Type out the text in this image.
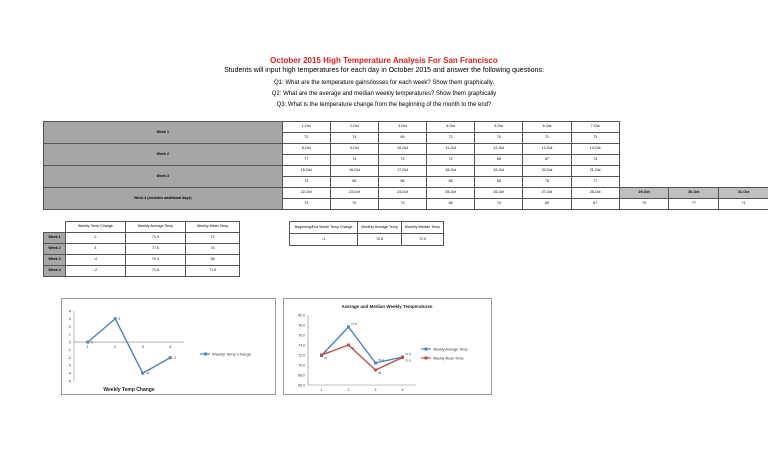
October 2015 High Temperature Analysis For San Francisco
Students will input high temperatures for each day in October 2015 and answer the following questions:
Q1: What are the temperature gains/losses for each week? Show them graphically.
Q2: What are the average and median weekly temperatures? Show them graphically
Q3: What is the temperature change from the beginning of the month to the end?
Week 1	1-Oct	2-Oct	3-Oct	4-Oct	5-Oct	6-Oct	7-Oct			
	72	74	69	72	74	71	73			
Week 2	8-Oct	9-Oct	10-Oct	11-Oct	12-Oct	13-Oct	14-Oct			
	77	74	73	72	86	87	74			
Week 3	15-Oct	16-Oct	17-Oct	18-Oct	19-Oct	20-Oct	21-Oct			
	73	69	68	66	65	75	77			
Week 4 (includes additional days)	22-Oct	23-Oct	24-Oct	25-Oct	26-Oct	27-Oct	28-Oct	29-Oct	30-Oct	31-Oct
	73	70	73	68	74	69	67	70	77	71
	Weekly Temp Change	Weekly Average Temp	Weekly Mean Temp
Week 1	0	71.9	72
Week 2	3	77.6	74
Week 3	-4	70.4	69
Week 4	-2	71.6	71.5
Beginning/End Month Temp Change	Monthly Average Temp	Monthly Median Temp
-1	72.8	72.0
4
3
2
1
0
-1
-2
-3
-4
-5
1	2	3	4
0
3
-4
-2
Weekly Temp Change
Weekly Temp Change
Average and Median Weekly Temperatures
80.0
78.0
76.0
74.0
72.0
70.0
68.0
66.0
1	2	3	4
71.9
77.6
70.4
71.6
Weekly Average Temp
72
74
69
71.5
Weekly Mean Temp
